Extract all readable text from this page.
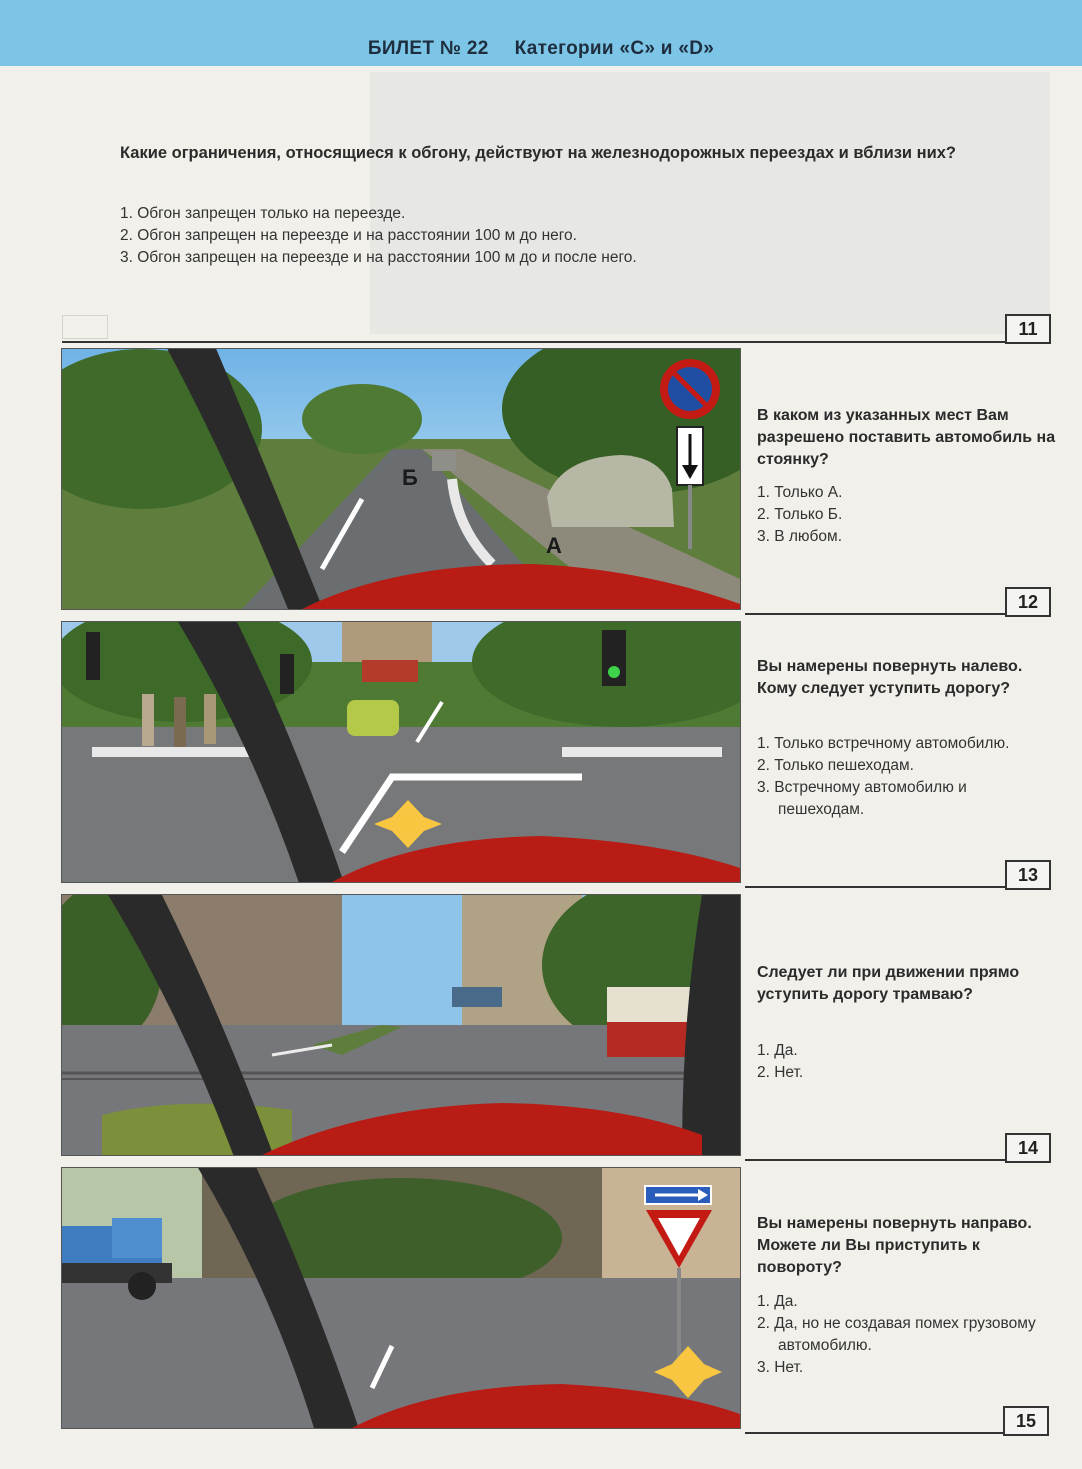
БИЛЕТ № 22 Категории «С» и «D»
Какие ограничения, относящиеся к обгону, действуют на железнодорожных переездах и вблизи них?
1. Обгон запрещен только на переезде.
2. Обгон запрещен на переезде и на расстоянии 100 м до него.
3. Обгон запрещен на переезде и на расстоянии 100 м до и после него.
11
Б
А
В каком из указанных мест Вам разрешено поставить автомобиль на стоянку?
1. Только А.
2. Только Б.
3. В любом.
12
Вы намерены повернуть налево. Кому следует уступить дорогу?
1. Только встречному автомобилю.
2. Только пешеходам.
3. Встречному автомобилю и пешеходам.
13
Следует ли при движении прямо уступить дорогу трамваю?
1. Да.
2. Нет.
14
Вы намерены повернуть направо. Можете ли Вы приступить к повороту?
1. Да.
2. Да, но не создавая помех грузовому автомобилю.
3. Нет.
15
